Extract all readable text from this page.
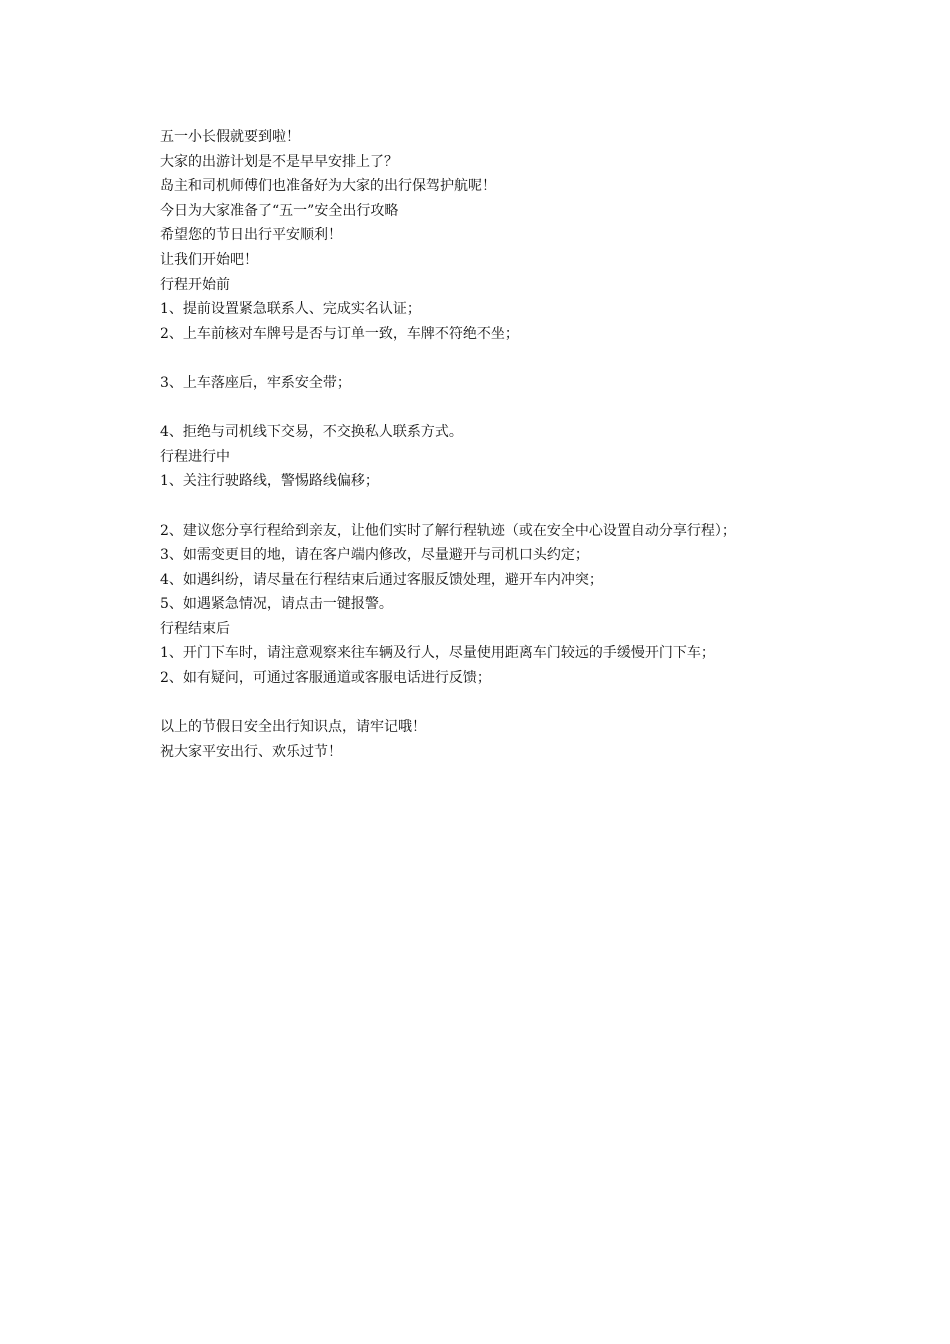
五一小长假就要到啦！
大家的出游计划是不是早早安排上了？
岛主和司机师傅们也准备好为大家的出行保驾护航呢！
今日为大家准备了“五一”安全出行攻略
希望您的节日出行平安顺利！
让我们开始吧！
行程开始前
1、提前设置紧急联系人、完成实名认证；
2、上车前核对车牌号是否与订单一致，车牌不符绝不坐；
3、上车落座后，牢系安全带；
4、拒绝与司机线下交易，不交换私人联系方式。
行程进行中
1、关注行驶路线，警惕路线偏移；
2、建议您分享行程给到亲友，让他们实时了解行程轨迹（或在安全中心设置自动分享行程）；
3、如需变更目的地，请在客户端内修改，尽量避开与司机口头约定；
4、如遇纠纷，请尽量在行程结束后通过客服反馈处理，避开车内冲突；
5、如遇紧急情况，请点击一键报警。
行程结束后
1、开门下车时，请注意观察来往车辆及行人，尽量使用距离车门较远的手缓慢开门下车；
2、如有疑问，可通过客服通道或客服电话进行反馈；
以上的节假日安全出行知识点，请牢记哦！
祝大家平安出行、欢乐过节！
